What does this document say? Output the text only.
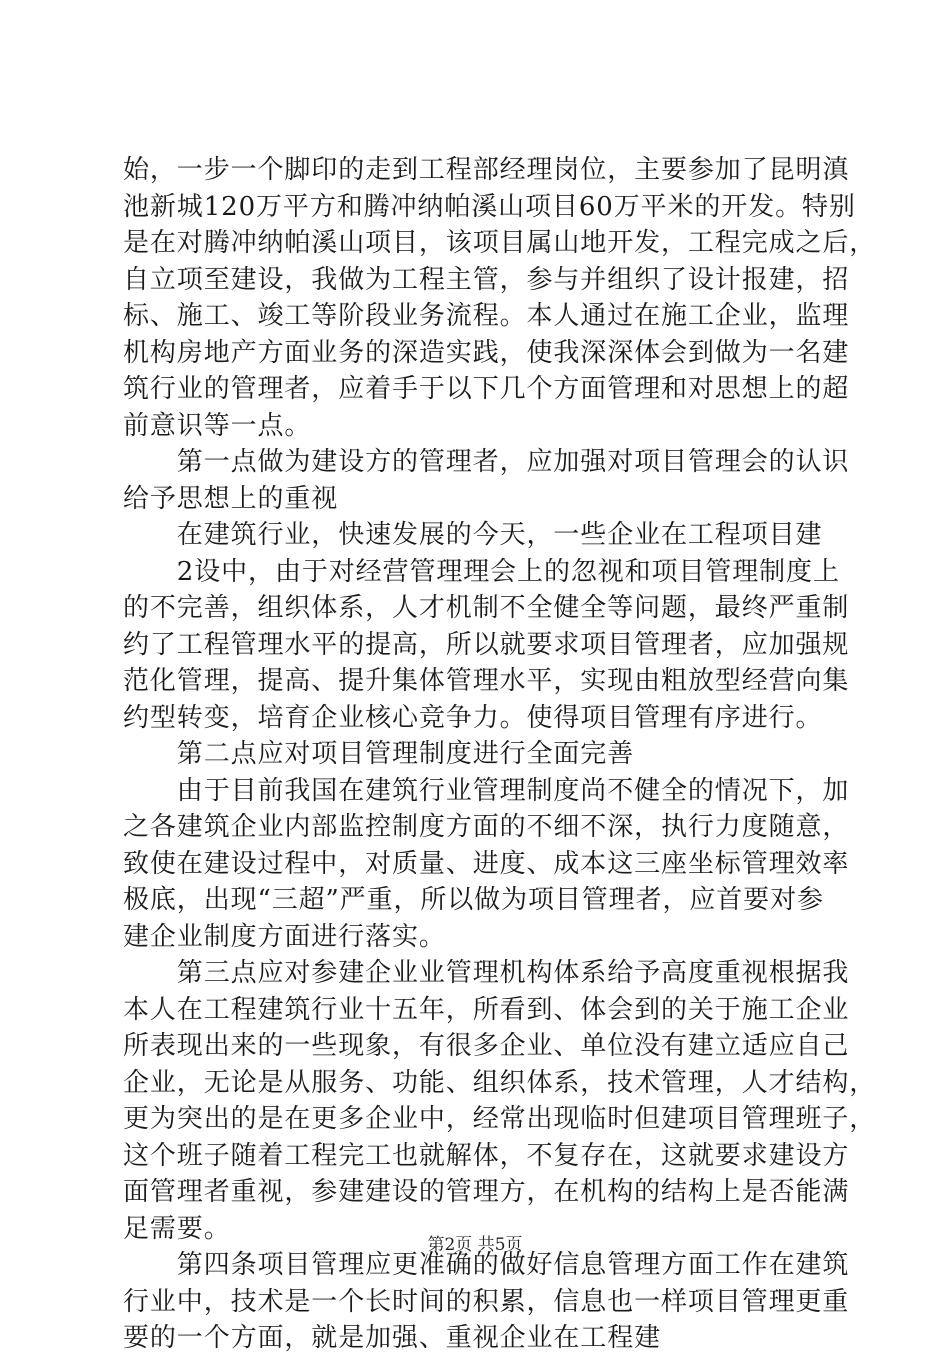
始，一步一个脚印的走到工程部经理岗位，主要参加了昆明滇
池新城120万平方和腾冲纳帕溪山项目60万平米的开发。特别
是在对腾冲纳帕溪山项目，该项目属山地开发，工程完成之后，
自立项至建设，我做为工程主管，参与并组织了设计报建，招
标、施工、竣工等阶段业务流程。本人通过在施工企业，监理
机构房地产方面业务的深造实践，使我深深体会到做为一名建
筑行业的管理者，应着手于以下几个方面管理和对思想上的超
前意识等一点。
　　第一点做为建设方的管理者，应加强对项目管理会的认识
给予思想上的重视
　　在建筑行业，快速发展的今天，一些企业在工程项目建
　　2设中，由于对经营管理理会上的忽视和项目管理制度上
的不完善，组织体系，人才机制不全健全等问题，最终严重制
约了工程管理水平的提高，所以就要求项目管理者，应加强规
范化管理，提高、提升集体管理水平，实现由粗放型经营向集
约型转变，培育企业核心竞争力。使得项目管理有序进行。
　　第二点应对项目管理制度进行全面完善
　　由于目前我国在建筑行业管理制度尚不健全的情况下，加
之各建筑企业内部监控制度方面的不细不深，执行力度随意，
致使在建设过程中，对质量、进度、成本这三座坐标管理效率
极底，出现“三超”严重，所以做为项目管理者，应首要对参
建企业制度方面进行落实。
　　第三点应对参建企业业管理机构体系给予高度重视根据我
本人在工程建筑行业十五年，所看到、体会到的关于施工企业
所表现出来的一些现象，有很多企业、单位没有建立适应自己
企业，无论是从服务、功能、组织体系，技术管理，人才结构，
更为突出的是在更多企业中，经常出现临时但建项目管理班子，
这个班子随着工程完工也就解体，不复存在，这就要求建设方
面管理者重视，参建建设的管理方，在机构的结构上是否能满
足需要。
　　第四条项目管理应更准确的做好信息管理方面工作在建筑
行业中，技术是一个长时间的积累，信息也一样项目管理更重
要的一个方面，就是加强、重视企业在工程建
第2页 共5页
